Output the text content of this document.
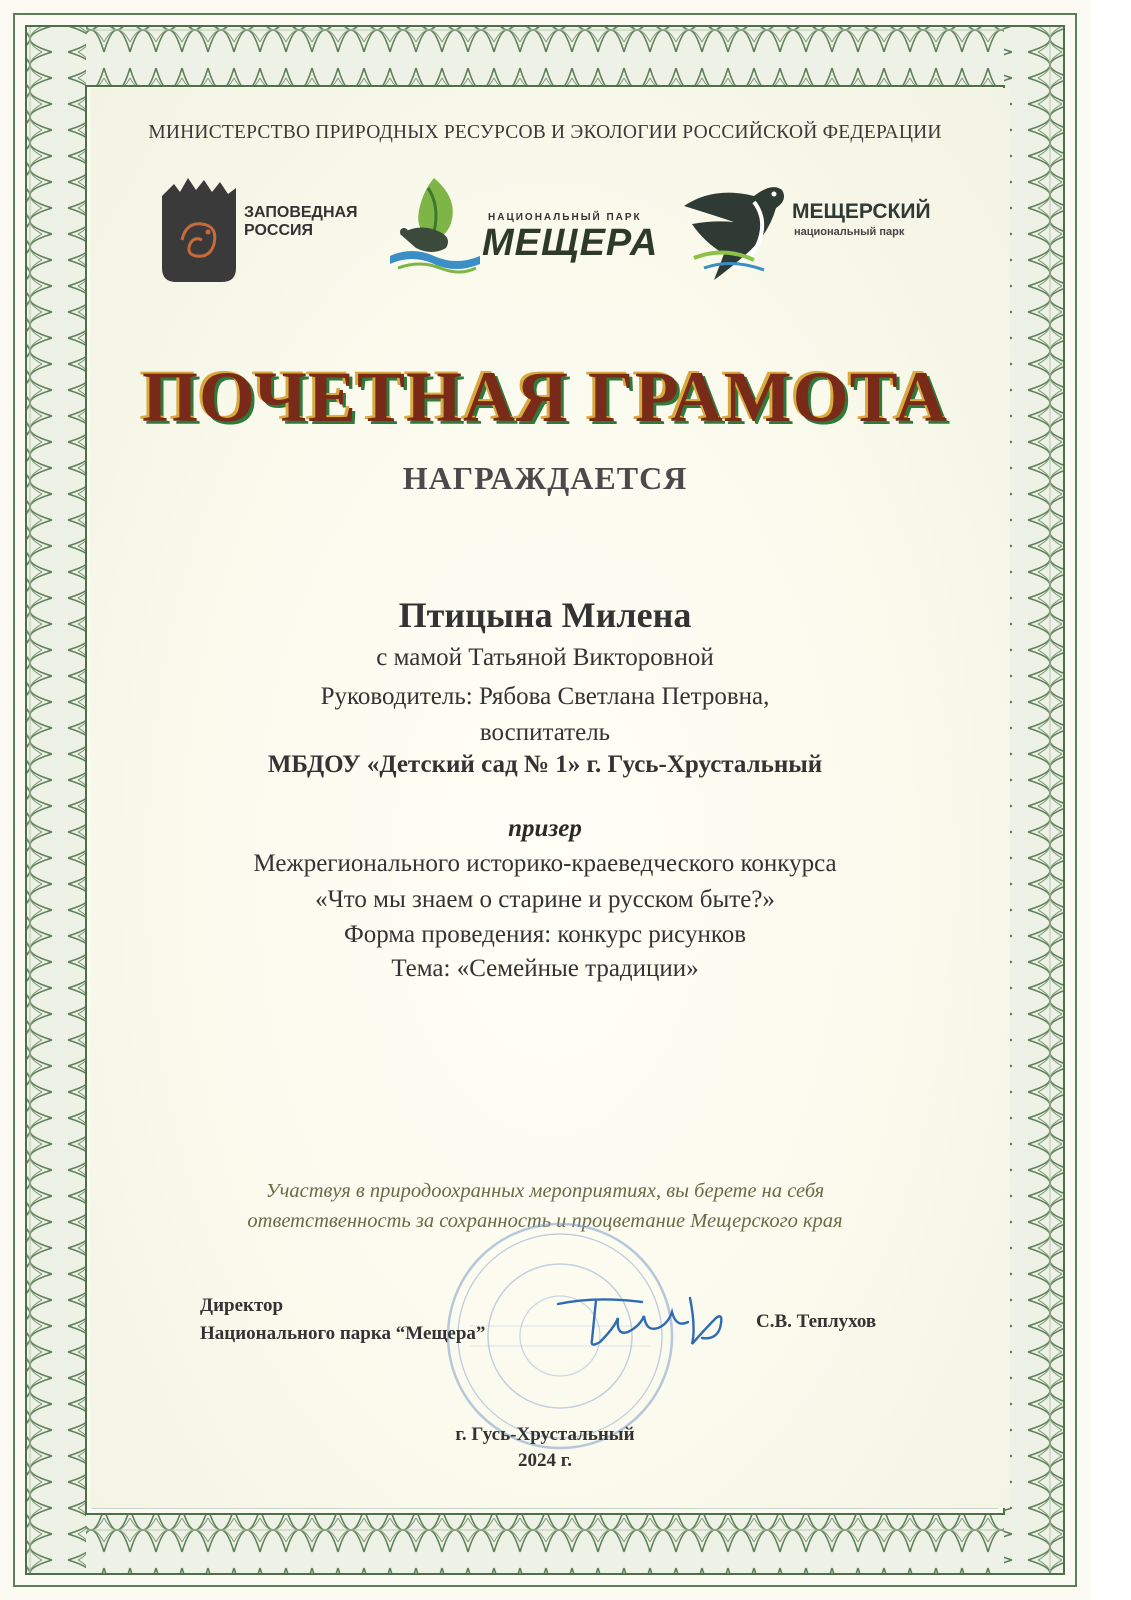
МИНИСТЕРСТВО ПРИРОДНЫХ РЕСУРСОВ И ЭКОЛОГИИ РОССИЙСКОЙ ФЕДЕРАЦИИ
ЗАПОВЕДНАЯ
РОССИЯ
НАЦИОНАЛЬНЫЙ ПАРК
МЕЩЕРА
МЕЩЕРСКИЙ
национальный парк
ПОЧЕТНАЯ ГРАМОТА
НАГРАЖДАЕТСЯ
Птицына Милена
с мамой Татьяной Викторовной
Руководитель: Рябова Светлана Петровна,
воспитатель
МБДОУ «Детский сад № 1» г. Гусь-Хрустальный
призер
Межрегионального историко-краеведческого конкурса
«Что мы знаем о старине и русском быте?»
Форма проведения: конкурс рисунков
Тема: «Семейные традиции»
Участвуя в природоохранных мероприятиях, вы берете на себя
ответственность за сохранность и процветание Мещерского края
Директор
Национального парка “Мещера”
С.В. Теплухов
г. Гусь-Хрустальный
2024 г.
